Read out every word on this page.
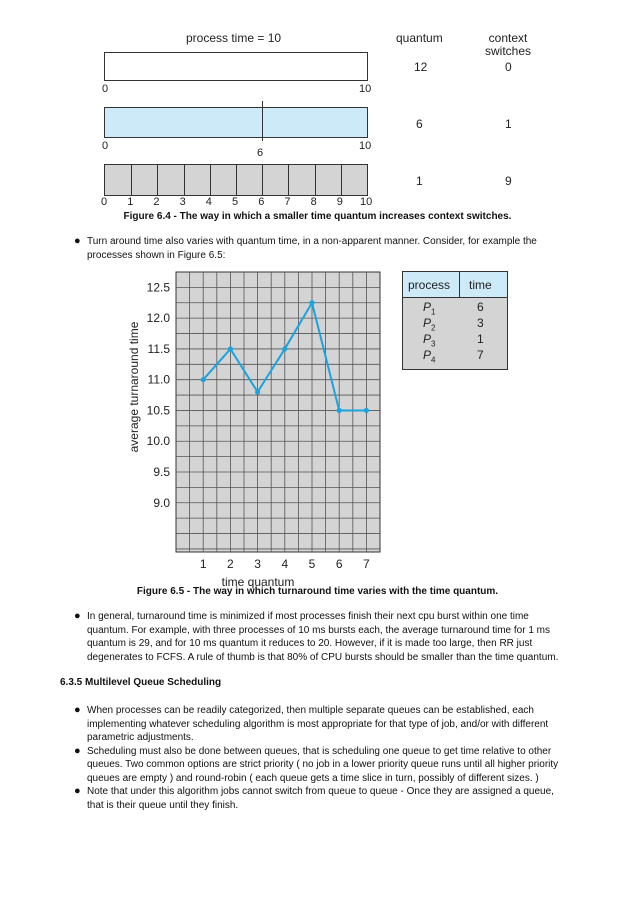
process time = 10	quantum	context
switches
0	10
12	0
0
6
10
6	1
0 1 2 3 4 5 6 7 8 9 10
1	9
Figure 6.4 - The way in which a smaller time quantum increases context switches.
● Turn around time also varies with quantum time, in a non-apparent manner. Consider, for example the
processes shown in Figure 6.5:
process time
$P_1$	6
$P_2$	3
$P_3$	1
$P_4$	7
12.5
12.0
11.5
11.0
10.5
10.0
9.5
9.0
1 2 3 4 5 6 7
time quantum
average turnaround time
Figure 6.5 - The way in which turnaround time varies with the time quantum.
● In general, turnaround time is minimized if most processes finish their next cpu burst within one time
quantum. For example, with three processes of 10 ms bursts each, the average turnaround time for 1 ms
quantum is 29, and for 10 ms quantum it reduces to 20. However, if it is made too large, then RR just
degenerates to FCFS. A rule of thumb is that 80% of CPU bursts should be smaller than the time quantum.
6.3.5 Multilevel Queue Scheduling
● When processes can be readily categorized, then multiple separate queues can be established, each
implementing whatever scheduling algorithm is most appropriate for that type of job, and/or with different
parametric adjustments.
● Scheduling must also be done between queues, that is scheduling one queue to get time relative to other
queues. Two common options are strict priority ( no job in a lower priority queue runs until all higher priority
queues are empty ) and round-robin ( each queue gets a time slice in turn, possibly of different sizes. )
● Note that under this algorithm jobs cannot switch from queue to queue - Once they are assigned a queue,
that is their queue until they finish.
